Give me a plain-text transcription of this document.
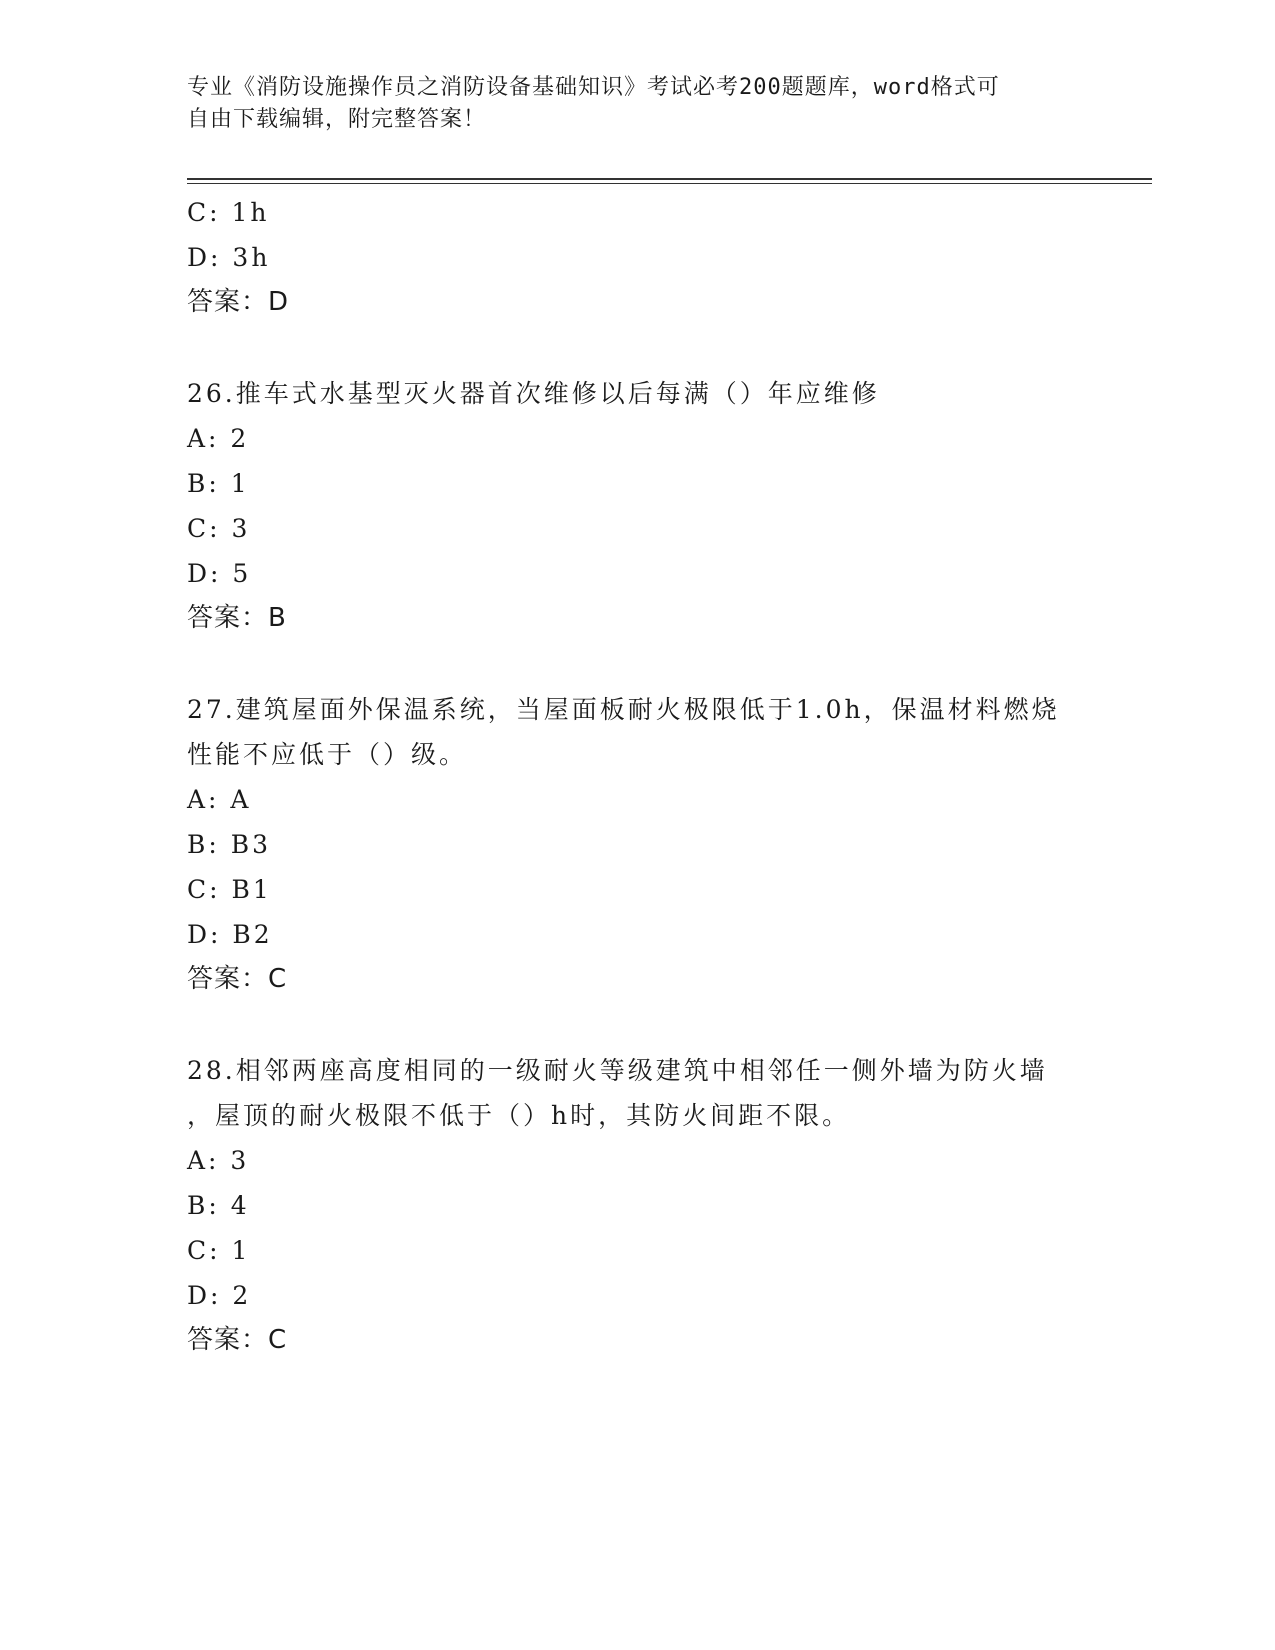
专业《消防设施操作员之消防设备基础知识》考试必考200题题库，word格式可
自由下载编辑，附完整答案！
C: 1h
D: 3h
答案：D
26.推车式水基型灭火器首次维修以后每满（）年应维修
A: 2
B: 1
C: 3
D: 5
答案：B
27.建筑屋面外保温系统，当屋面板耐火极限低于1.0h，保温材料燃烧
性能不应低于（）级。
A: A
B: B3
C: B1
D: B2
答案：C
28.相邻两座高度相同的一级耐火等级建筑中相邻任一侧外墙为防火墙
，屋顶的耐火极限不低于（）h时，其防火间距不限。
A: 3
B: 4
C: 1
D: 2
答案：C
